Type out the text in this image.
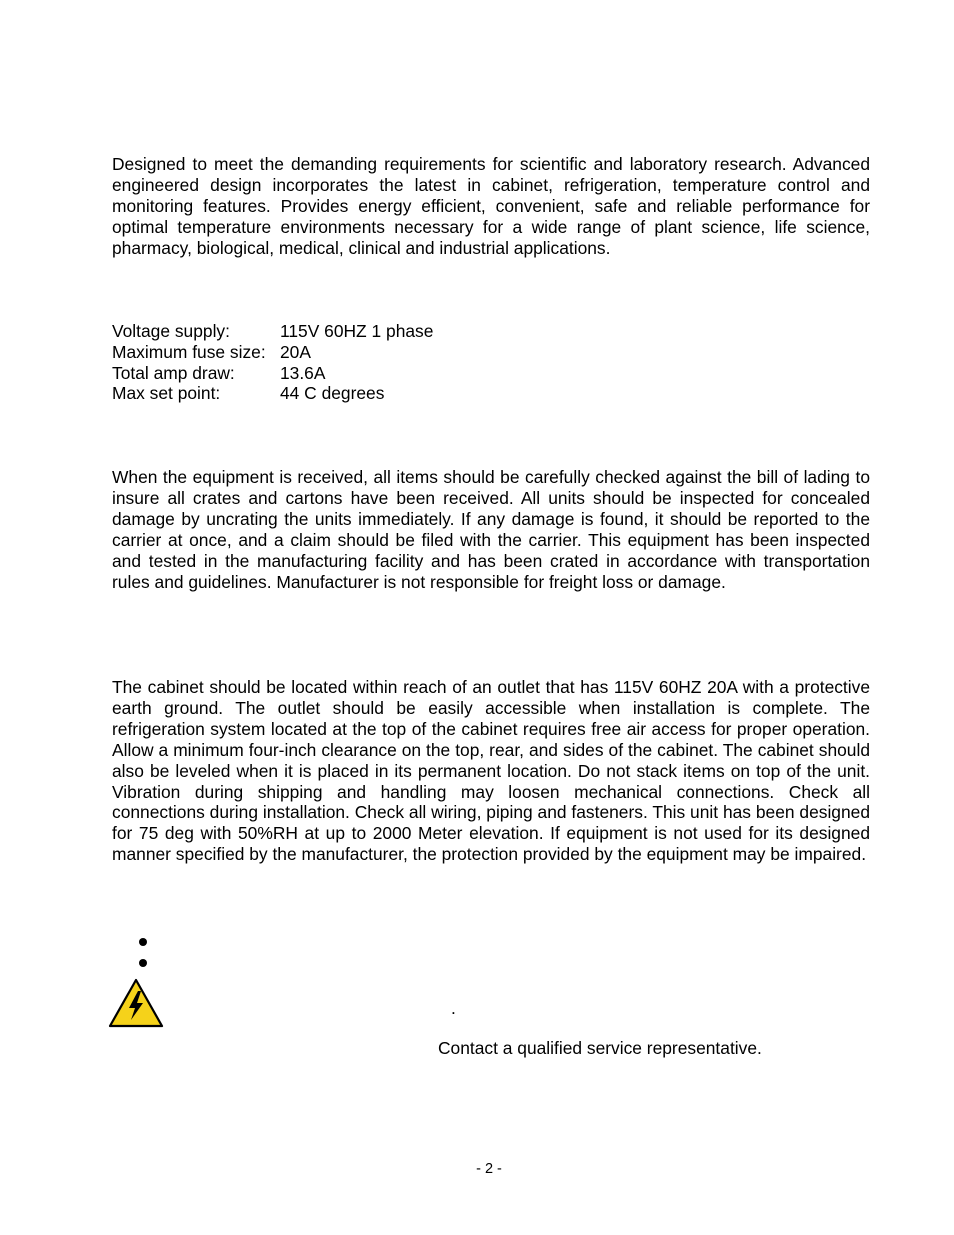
Designed to meet the demanding requirements for scientific and laboratory research. Advanced engineered design incorporates the latest in cabinet, refrigeration, temperature control and monitoring features. Provides energy efficient, convenient, safe and reliable performance for optimal temperature environments necessary for a wide range of plant science, life science, pharmacy, biological, medical, clinical and industrial applications.

Voltage supply:	115V 60HZ 1 phase
Maximum fuse size: 20A
Total amp draw:	13.6A
Max set point:	44 C degrees

When the equipment is received, all items should be carefully checked against the bill of lading to insure all crates and cartons have been received. All units should be inspected for concealed damage by uncrating the units immediately. If any damage is found, it should be reported to the carrier at once, and a claim should be filed with the carrier. This equipment has been inspected and tested in the manufacturing facility and has been crated in accordance with transportation rules and guidelines. Manufacturer is not responsible for freight loss or damage.

The cabinet should be located within reach of an outlet that has 115V 60HZ 20A with a protective earth ground. The outlet should be easily accessible when installation is complete. The refrigeration system located at the top of the cabinet requires free air access for proper operation. Allow a minimum four-inch clearance on the top, rear, and sides of the cabinet. The cabinet should also be leveled when it is placed in its permanent location. Do not stack items on top of the unit. Vibration during shipping and handling may loosen mechanical connections. Check all connections during installation. Check all wiring, piping and fasteners. This unit has been designed for 75 deg with 50%RH at up to 2000 Meter elevation. If equipment is not used for its designed manner specified by the manufacturer, the protection provided by the equipment may be impaired.

.
Contact a qualified service representative.
- 2 -
